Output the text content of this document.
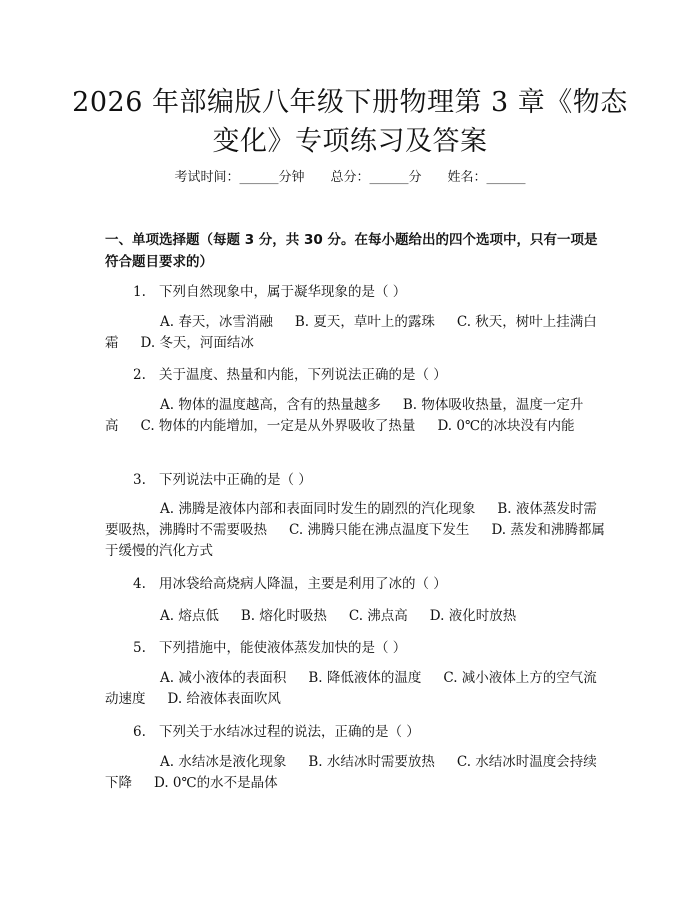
2026 年部编版八年级下册物理第 3 章《物态
变化》专项练习及答案
考试时间：______分钟 总分：______分 姓名：______
一、单项选择题（每题 3 分，共 30 分。在每小题给出的四个选项中，只有一项是符合题目要求的）
1. 下列自然现象中，属于凝华现象的是（ ）
A. 春天，冰雪消融 B. 夏天，草叶上的露珠 C. 秋天，树叶上挂满白霜 D. 冬天，河面结冰
2. 关于温度、热量和内能，下列说法正确的是（ ）
A. 物体的温度越高，含有的热量越多 B. 物体吸收热量，温度一定升高 C. 物体的内能增加，一定是从外界吸收了热量 D. 0℃的冰块没有内能
3. 下列说法中正确的是（ ）
A. 沸腾是液体内部和表面同时发生的剧烈的汽化现象 B. 液体蒸发时需要吸热，沸腾时不需要吸热 C. 沸腾只能在沸点温度下发生 D. 蒸发和沸腾都属于缓慢的汽化方式
4. 用冰袋给高烧病人降温，主要是利用了冰的（ ）
A. 熔点低 B. 熔化时吸热 C. 沸点高 D. 液化时放热
5. 下列措施中，能使液体蒸发加快的是（ ）
A. 减小液体的表面积 B. 降低液体的温度 C. 减小液体上方的空气流动速度 D. 给液体表面吹风
6. 下列关于水结冰过程的说法，正确的是（ ）
A. 水结冰是液化现象 B. 水结冰时需要放热 C. 水结冰时温度会持续下降 D. 0℃的水不是晶体
